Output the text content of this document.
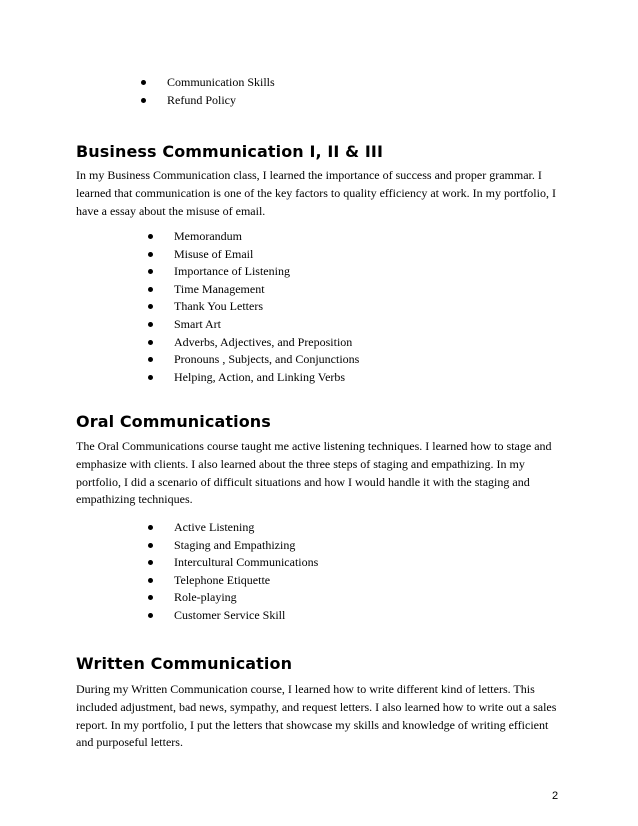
Communication Skills
Refund Policy
Business Communication I, II & III

In my Business Communication class, I learned the importance of success and proper grammar. I learned that communication is one of the key factors to quality efficiency at work. In my portfolio, I have a essay about the misuse of email.

Memorandum
Misuse of Email
Importance of Listening
Time Management
Thank You Letters
Smart Art
Adverbs, Adjectives, and Preposition
Pronouns , Subjects, and Conjunctions
Helping, Action, and Linking Verbs
Oral Communications

The Oral Communications course taught me active listening techniques. I learned how to stage and emphasize with clients. I also learned about the three steps of staging and empathizing. In my portfolio, I did a scenario of difficult situations and how I would handle it with the staging and empathizing techniques.

Active Listening
Staging and Empathizing
Intercultural Communications
Telephone Etiquette
Role-playing
Customer Service Skill
Written Communication

During my Written Communication course, I learned how to write different kind of letters. This included adjustment, bad news, sympathy, and request letters. I also learned how to write out a sales report. In my portfolio, I put the letters that showcase my skills and knowledge of writing efficient and purposeful letters.

2
